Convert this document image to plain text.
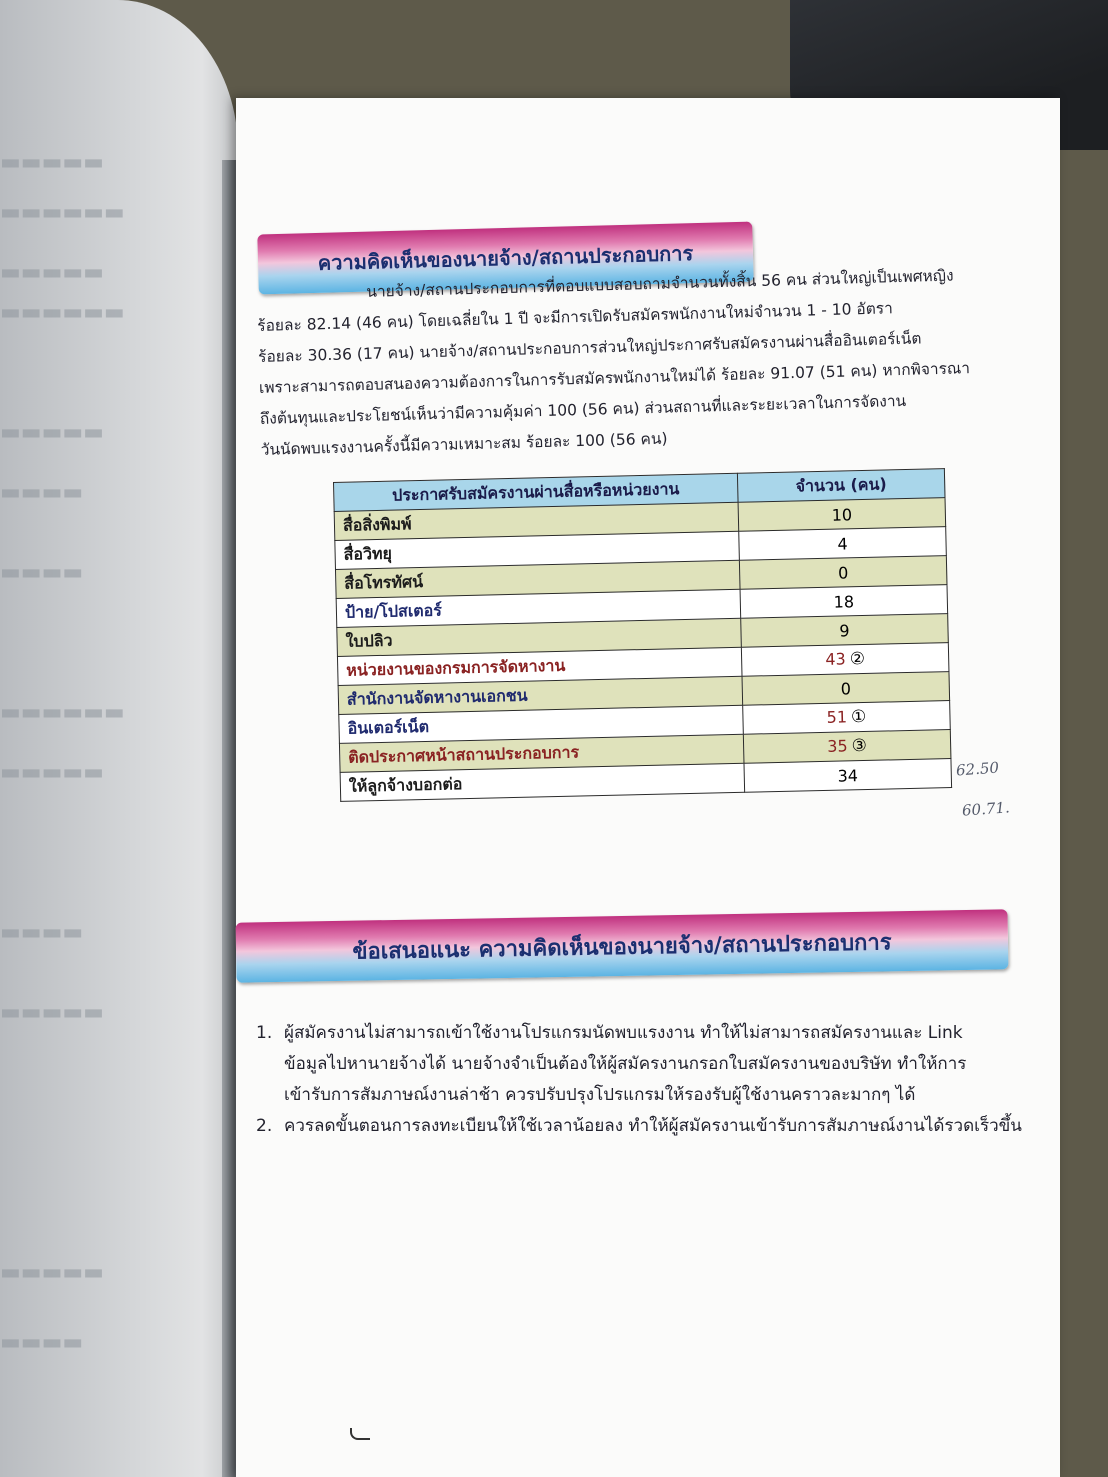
▬▬▬▬▬
▬▬▬▬▬▬
▬▬▬▬▬
▬▬▬▬▬▬
▬▬▬▬▬
▬▬▬▬
▬▬▬▬
▬▬▬▬▬▬
▬▬▬▬▬
▬▬▬▬
▬▬▬▬▬
▬▬▬▬▬
▬▬▬▬
ความคิดเห็นของนายจ้าง/สถานประกอบการ
นายจ้าง/สถานประกอบการที่ตอบแบบสอบถามจำนวนทั้งสิ้น 56 คน ส่วนใหญ่เป็นเพศหญิง
ร้อยละ 82.14 (46 คน) โดยเฉลี่ยใน 1 ปี จะมีการเปิดรับสมัครพนักงานใหม่จำนวน 1 - 10 อัตรา
ร้อยละ 30.36 (17 คน) นายจ้าง/สถานประกอบการส่วนใหญ่ประกาศรับสมัครงานผ่านสื่ออินเตอร์เน็ต
เพราะสามารถตอบสนองความต้องการในการรับสมัครพนักงานใหม่ได้ ร้อยละ 91.07 (51 คน) หากพิจารณา
ถึงต้นทุนและประโยชน์เห็นว่ามีความคุ้มค่า 100 (56 คน) ส่วนสถานที่และระยะเวลาในการจัดงาน
วันนัดพบแรงงานครั้งนี้มีความเหมาะสม ร้อยละ 100 (56 คน)
ประกาศรับสมัครงานผ่านสื่อหรือหน่วยงาน	จำนวน (คน)
สื่อสิ่งพิมพ์	10
สื่อวิทยุ	4
สื่อโทรทัศน์	0
ป้าย/โปสเตอร์	18
ใบปลิว	9
หน่วยงานของกรมการจัดหางาน	43 ②
สำนักงานจัดหางานเอกชน	0
อินเตอร์เน็ต	51 ①
ติดประกาศหน้าสถานประกอบการ	35 ③
ให้ลูกจ้างบอกต่อ	34	62.50
60.71.
ข้อเสนอแนะ ความคิดเห็นของนายจ้าง/สถานประกอบการ
1. ผู้สมัครงานไม่สามารถเข้าใช้งานโปรแกรมนัดพบแรงงาน ทำให้ไม่สามารถสมัครงานและ Link
ข้อมูลไปหานายจ้างได้ นายจ้างจำเป็นต้องให้ผู้สมัครงานกรอกใบสมัครงานของบริษัท ทำให้การ
เข้ารับการสัมภาษณ์งานล่าช้า ควรปรับปรุงโปรแกรมให้รองรับผู้ใช้งานคราวละมากๆ ได้
2. ควรลดขั้นตอนการลงทะเบียนให้ใช้เวลาน้อยลง ทำให้ผู้สมัครงานเข้ารับการสัมภาษณ์งานได้รวดเร็วขึ้น
